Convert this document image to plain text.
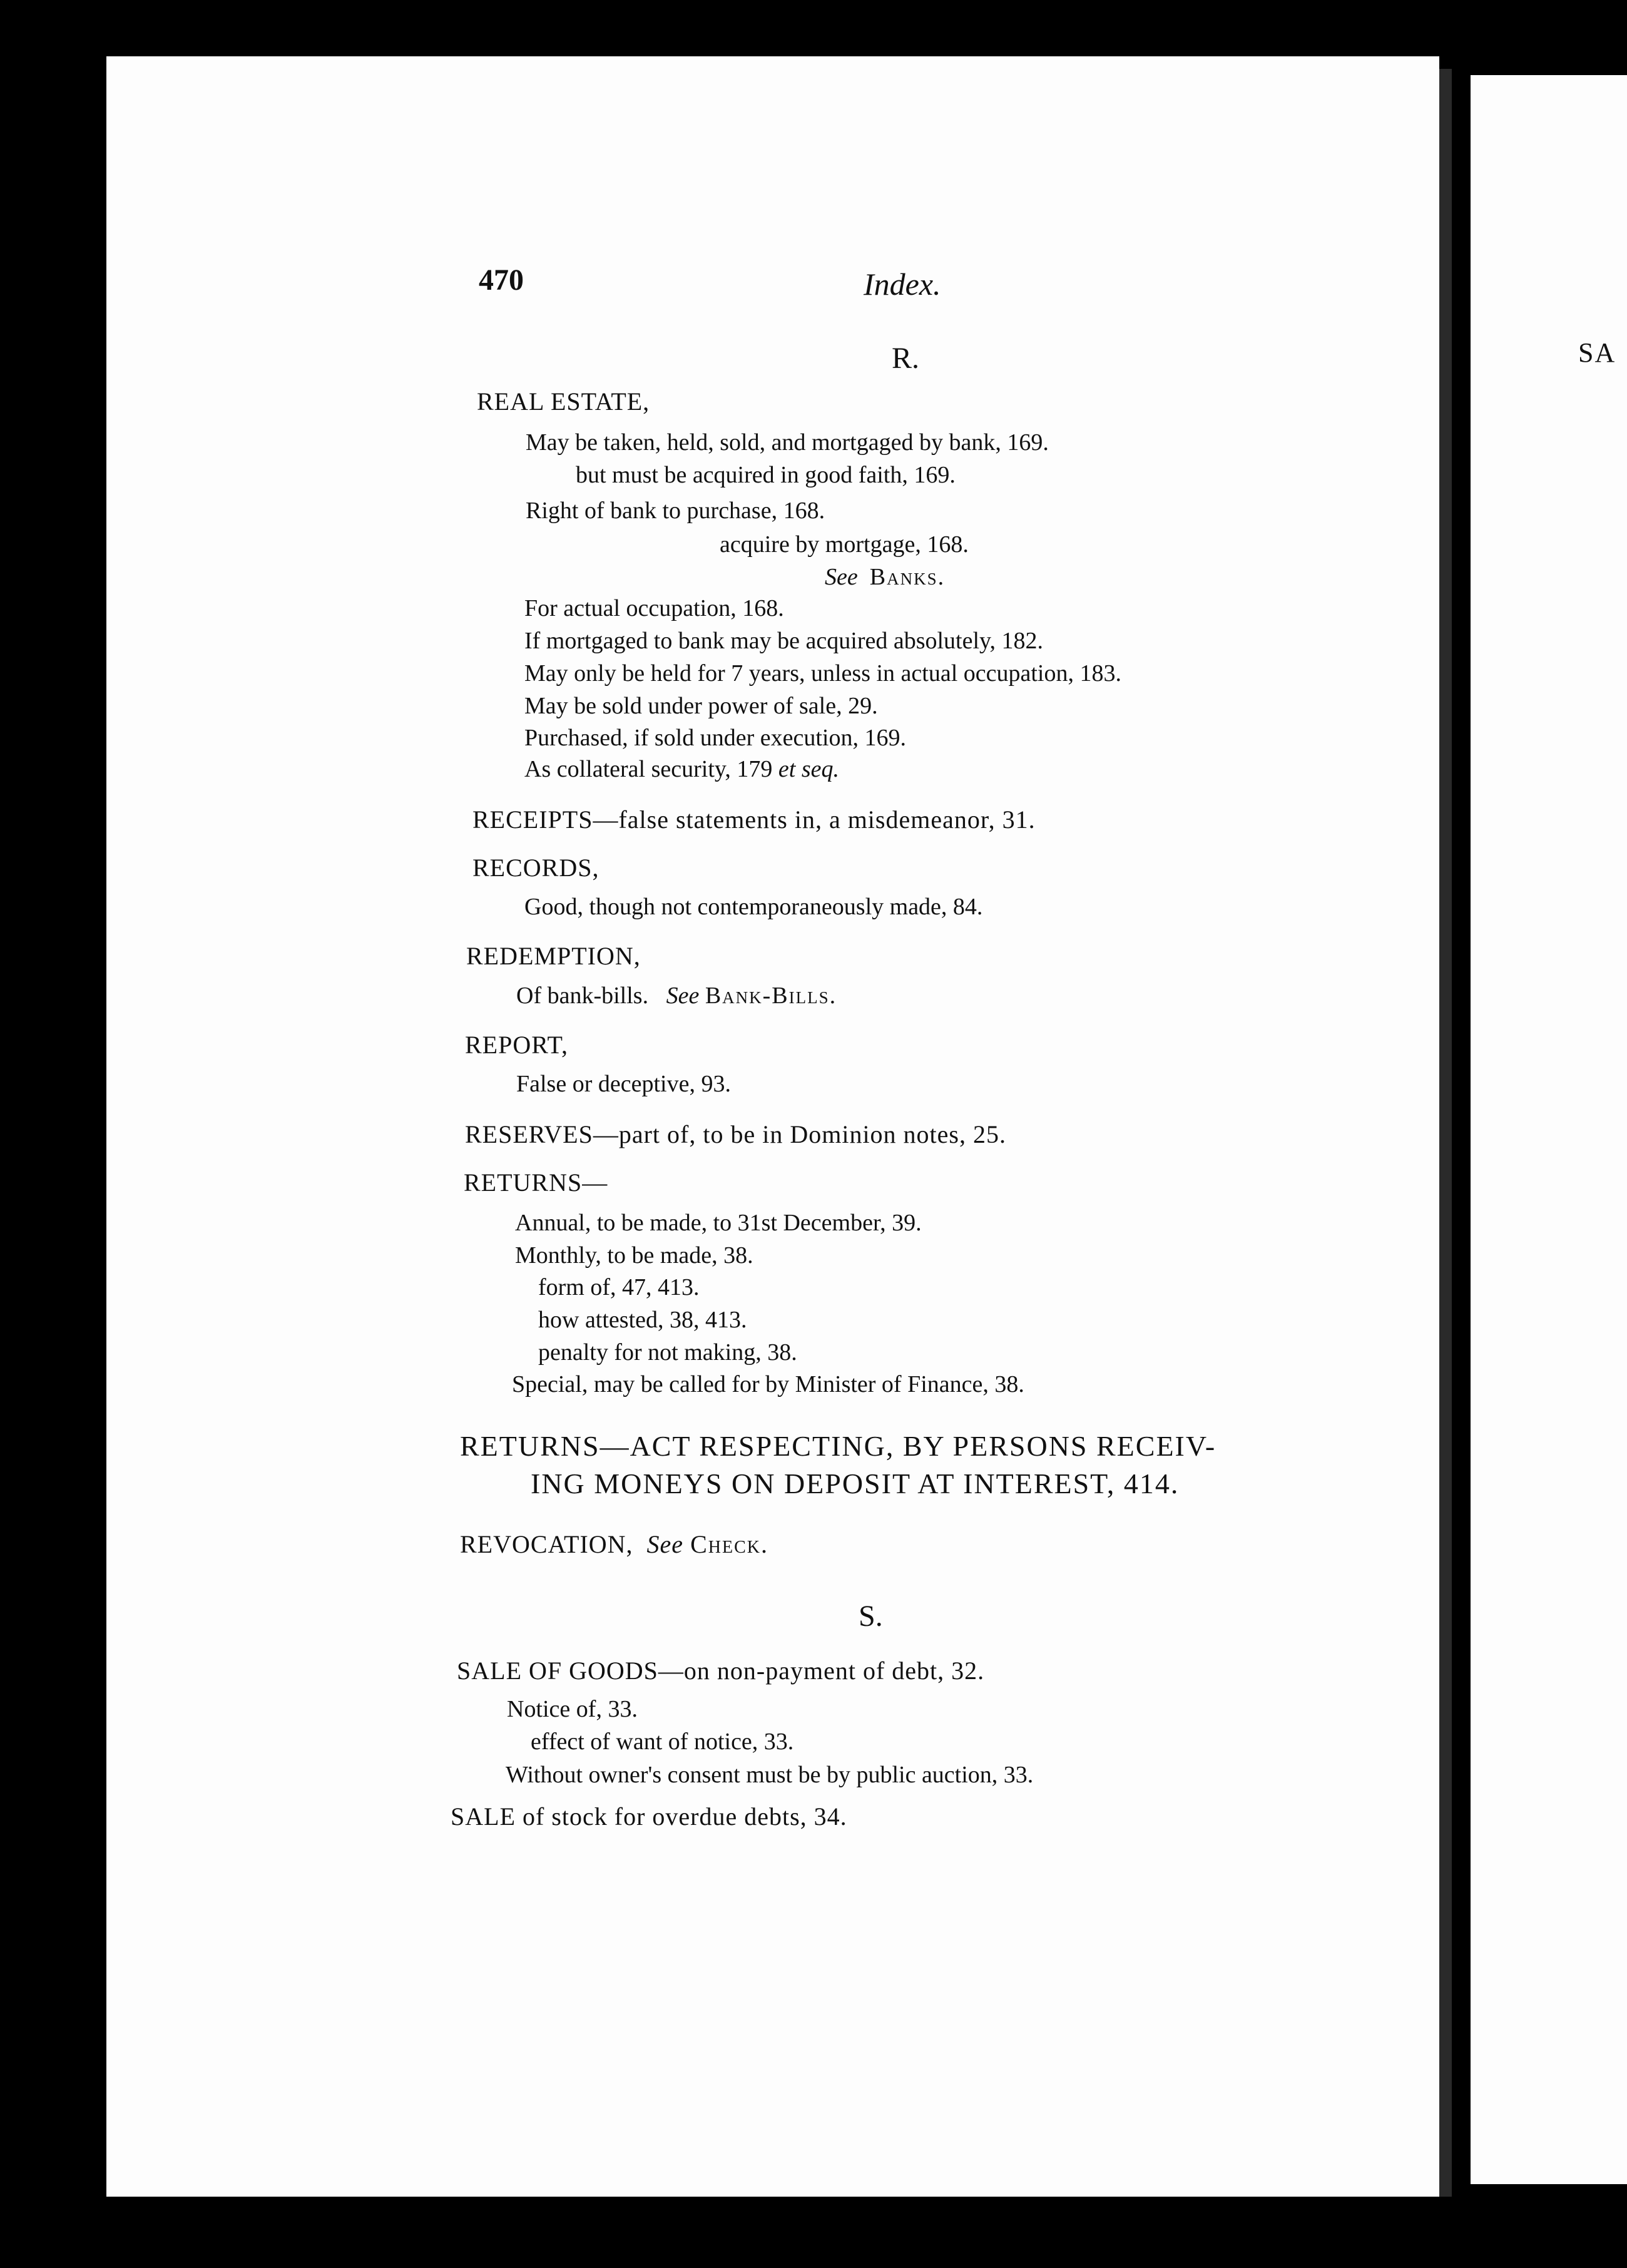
SA
470	Index.
R.
REAL ESTATE,
May be taken, held, sold, and mortgaged by bank, 169.
but must be acquired in good faith, 169.
Right of bank to purchase, 168.
acquire by mortgage, 168.
See Banks.
For actual occupation, 168.
If mortgaged to bank may be acquired absolutely, 182.
May only be held for 7 years, unless in actual occupation, 183.
May be sold under power of sale, 29.
Purchased, if sold under execution, 169.
As collateral security, 179 et seq.
RECEIPTS—false statements in, a misdemeanor, 31.
RECORDS,
Good, though not contemporaneously made, 84.
REDEMPTION,
Of bank-bills. See Bank-Bills.
REPORT,
False or deceptive, 93.
RESERVES—part of, to be in Dominion notes, 25.
RETURNS—
Annual, to be made, to 31st December, 39.
Monthly, to be made, 38.
form of, 47, 413.
how attested, 38, 413.
penalty for not making, 38.
Special, may be called for by Minister of Finance, 38.
RETURNS—ACT RESPECTING, BY PERSONS RECEIV-
ING MONEYS ON DEPOSIT AT INTEREST, 414.
REVOCATION, See Check.
S.
SALE OF GOODS—on non-payment of debt, 32.
Notice of, 33.
effect of want of notice, 33.
Without owner's consent must be by public auction, 33.
SALE of stock for overdue debts, 34.
